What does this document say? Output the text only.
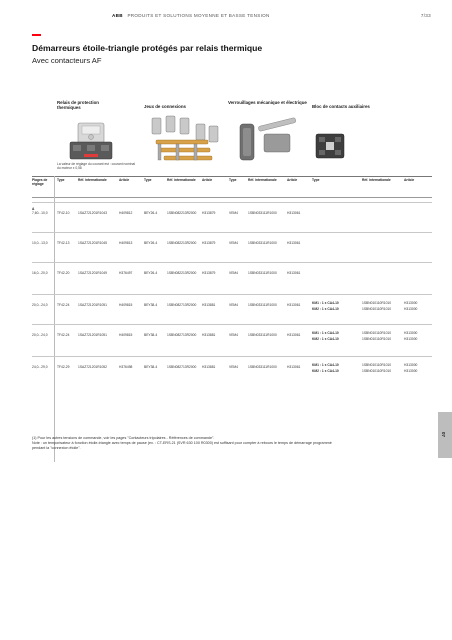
ABB PRODUITS ET SOLUTIONS MOYENNE ET BASSE TENSION	7/33
Démarreurs étoile-triangle protégés par relais thermique
Avec contacteurs AF
Relais de protection thermiques	Jeux de connexions
Verrouillages mécanique et électrique
Bloc de contacts auxiliaires
La valeur de réglage du courant est : courant nominal du moteur x 0,58
Plages de réglage
Type	Réf. internationale	Article	Type	Réf. internationale	Article	Type	Réf. internationale	Article	Type	Réf. internationale	Article
A
7,60...10,0	TF42-10	1SAZ721201R1043	H409812	BEY26-4	1SBN082213R2000 H313879	VEM4	1SBN033111R1000	H313061
10,0...13,0	TF42-13	1SAZ721201R1045	H409813	BEY26-4	1SBN082213R2000 H313879	VEM4	1SBN033111R1000	H313061
16,0...20,0	TF42-20	1SAZ721201R1049	H376497	BEY26-4	1SBN082213R2000 H313879	VEM4	1SBN033111R1000	H313061
20,0...24,0	TF42-24	1SAZ721201R1051	H409815	BEY38-4	1SBN082713R2000 H313881	VEM4	1SBN033111R1000	H313061	KM1 : 1 x CA4-10	1SBN010110R1010	H313000
KM2 : 1 x CA4-10	1SBN010110R1010	H313000
20,0...24,0	TF42-24	1SAZ721201R1051	H409815	BEY38-4	1SBN082713R2000 H313881	VEM4	1SBN033111R1000	H313061	KM1 : 1 x CA4-10	1SBN010110R1010	H313000
KM2 : 1 x CA4-10	1SBN010110R1010	H313000
24,0...29,0	TF42-29	1SAZ721201R1052	H376498	BEY38-4	1SBN082713R2000 H313881	VEM4	1SBN033111R1000	H313061	KM1 : 1 x CA4-10	1SBN010110R1010	H313000
KM2 : 1 x CA4-10	1SBN010110R1010	H313000
(1) Pour les autres tensions de commande, voir les pages "Contacteurs tripolaires - Références de commande".
Note : un temporisateur à fonction étoile-triangle avec temps de pause (ex. : CT-ERS.21 (SVR 630 100 R0300) est suffisant pour compter à rebours le temps de démarrage programmé
pendant la "connexion étoile".
07
